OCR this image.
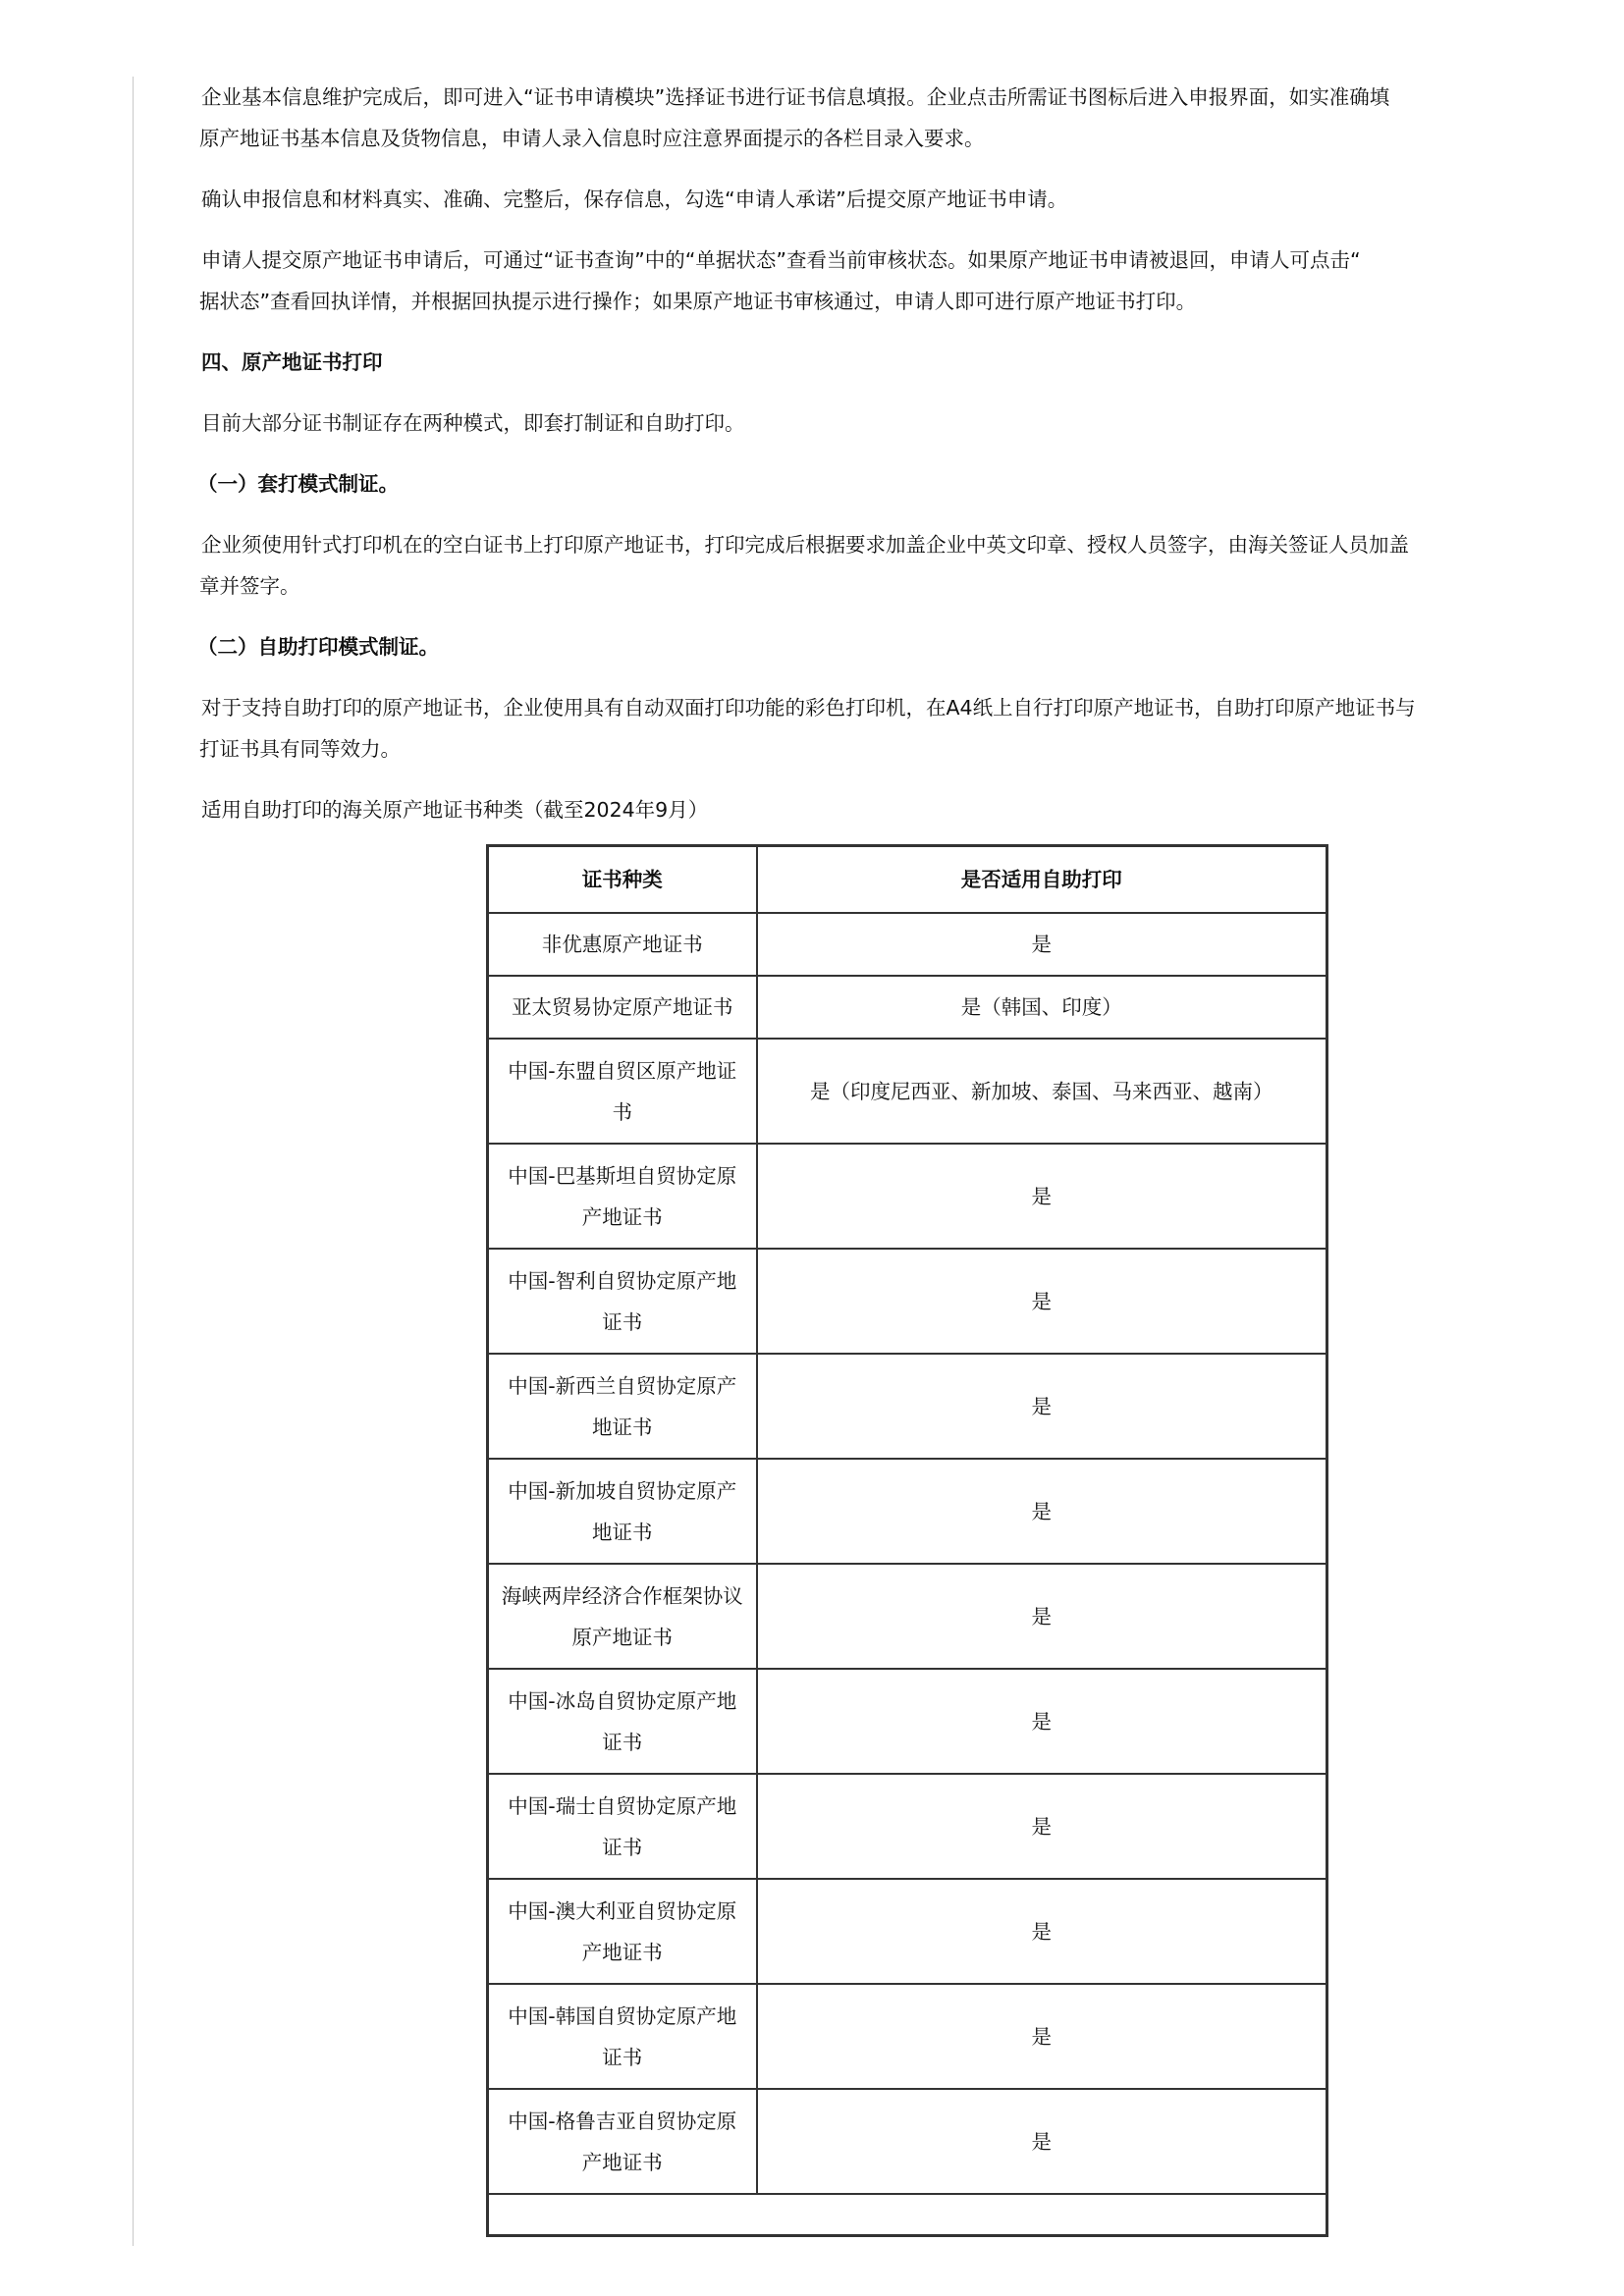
企业基本信息维护完成后，即可进入“证书申请模块”选择证书进行证书信息填报。企业点击所需证书图标后进入申报界面，如实准确填
原产地证书基本信息及货物信息，申请人录入信息时应注意界面提示的各栏目录入要求。
确认申报信息和材料真实、准确、完整后，保存信息，勾选“申请人承诺”后提交原产地证书申请。
申请人提交原产地证书申请后，可通过“证书查询”中的“单据状态”查看当前审核状态。如果原产地证书申请被退回，申请人可点击“
据状态”查看回执详情，并根据回执提示进行操作；如果原产地证书审核通过，申请人即可进行原产地证书打印。
四、原产地证书打印
目前大部分证书制证存在两种模式，即套打制证和自助打印。
（一）套打模式制证。
企业须使用针式打印机在的空白证书上打印原产地证书，打印完成后根据要求加盖企业中英文印章、授权人员签字，由海关签证人员加盖
章并签字。
（二）自助打印模式制证。
对于支持自助打印的原产地证书，企业使用具有自动双面打印功能的彩色打印机，在A4纸上自行打印原产地证书，自助打印原产地证书与
打证书具有同等效力。
适用自助打印的海关原产地证书种类（截至2024年9月）
证书种类	是否适用自助打印
非优惠原产地证书	是
亚太贸易协定原产地证书	是（韩国、印度）
中国-东盟自贸区原产地证
书	是（印度尼西亚、新加坡、泰国、马来西亚、越南）
中国-巴基斯坦自贸协定原
产地证书	是
中国-智利自贸协定原产地
证书	是
中国-新西兰自贸协定原产
地证书	是
中国-新加坡自贸协定原产
地证书	是
海峡两岸经济合作框架协议
原产地证书	是
中国-冰岛自贸协定原产地
证书	是
中国-瑞士自贸协定原产地
证书	是
中国-澳大利亚自贸协定原
产地证书	是
中国-韩国自贸协定原产地
证书	是
中国-格鲁吉亚自贸协定原
产地证书	是
